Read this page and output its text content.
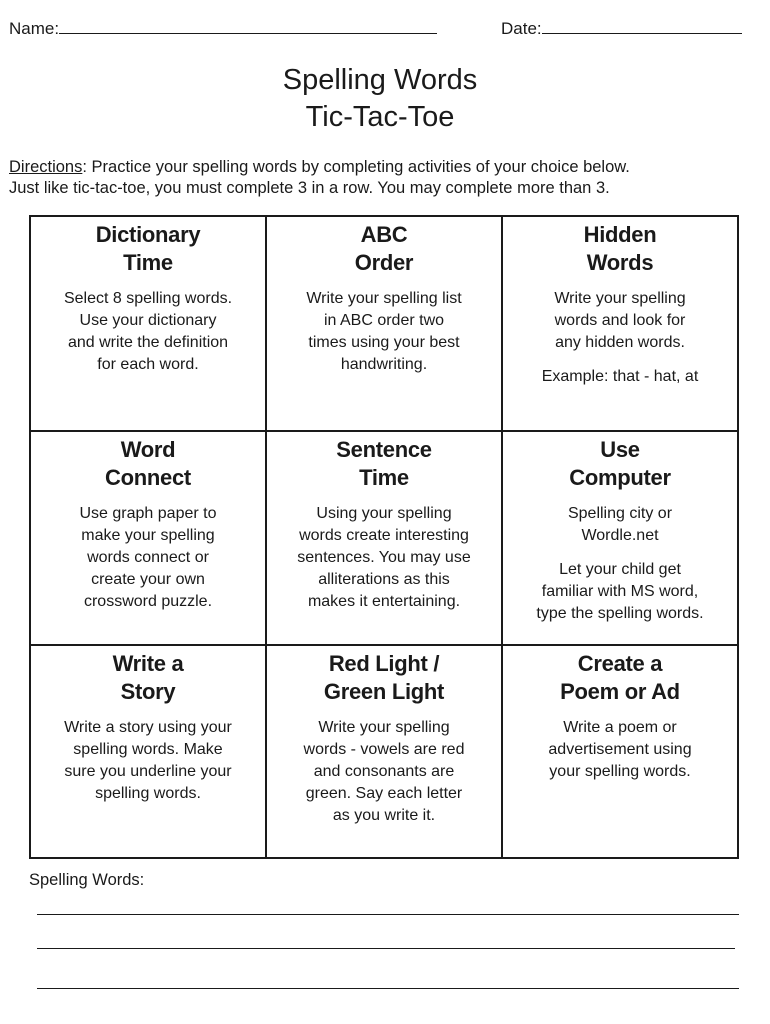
Name:	Date:
Spelling Words
Tic-Tac-Toe
Directions: Practice your spelling words by completing activities of your choice below.
Just like tic-tac-toe, you must complete 3 in a row. You may complete more than 3.
Dictionary
Time
Select 8 spelling words.
Use your dictionary
and write the definition
for each word.
ABC
Order
Write your spelling list
in ABC order two
times using your best
handwriting.
Hidden
Words
Write your spelling
words and look for
any hidden words.
Example: that - hat, at
Word
Connect
Use graph paper to
make your spelling
words connect or
create your own
crossword puzzle.
Sentence
Time
Using your spelling
words create interesting
sentences. You may use
alliterations as this
makes it entertaining.
Use
Computer
Spelling city or
Wordle.net
Let your child get
familiar with MS word,
type the spelling words.
Write a
Story
Write a story using your
spelling words. Make
sure you underline your
spelling words.
Red Light /
Green Light
Write your spelling
words - vowels are red
and consonants are
green. Say each letter
as you write it.
Create a
Poem or Ad
Write a poem or
advertisement using
your spelling words.
Spelling Words:
